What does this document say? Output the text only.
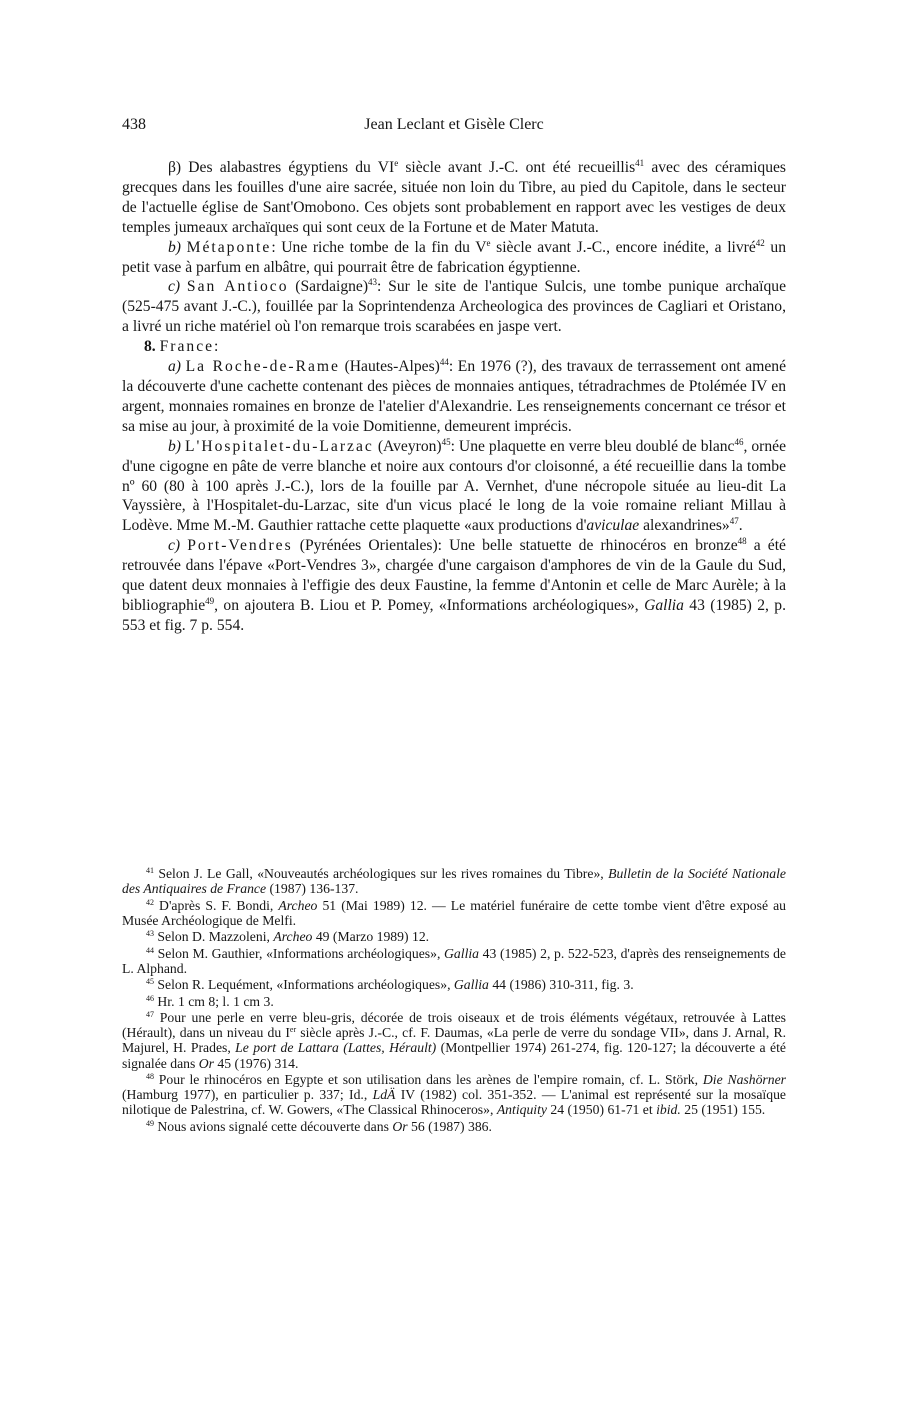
438	Jean Leclant et Gisèle Clerc

β) Des alabastres égyptiens du VIe siècle avant J.-C. ont été recueillis$^{41}$ avec des céramiques grecques dans les fouilles d'une aire sacrée, située non loin du Tibre, au pied du Capitole, dans le secteur de l'actuelle église de Sant'Omobono. Ces objets sont probablement en rapport avec les vestiges de deux temples jumeaux archaïques qui sont ceux de la Fortune et de Mater Matuta.

b) Métaponte: Une riche tombe de la fin du Ve siècle avant J.-C., encore inédite, a livré$^{42}$ un petit vase à parfum en albâtre, qui pourrait être de fabrication égyptienne.

c) San Antioco (Sardaigne)$^{43}$: Sur le site de l'antique Sulcis, une tombe punique archaïque (525-475 avant J.-C.), fouillée par la Soprintendenza Archeologica des provinces de Cagliari et Oristano, a livré un riche matériel où l'on remarque trois scarabées en jaspe vert.

8. France:

a) La Roche-de-Rame (Hautes-Alpes)$^{44}$: En 1976 (?), des travaux de terrassement ont amené la découverte d'une cachette contenant des pièces de monnaies antiques, tétradrachmes de Ptolémée IV en argent, monnaies romaines en bronze de l'atelier d'Alexandrie. Les renseignements concernant ce trésor et sa mise au jour, à proximité de la voie Domitienne, demeurent imprécis.

b) L'Hospitalet-du-Larzac (Aveyron)$^{45}$: Une plaquette en verre bleu doublé de blanc$^{46}$, ornée d'une cigogne en pâte de verre blanche et noire aux contours d'or cloisonné, a été recueillie dans la tombe nº 60 (80 à 100 après J.-C.), lors de la fouille par A. Vernhet, d'une nécropole située au lieu-dit La Vayssière, à l'Hospitalet-du-Larzac, site d'un vicus placé le long de la voie romaine reliant Millau à Lodève. Mme M.-M. Gauthier rattache cette plaquette «aux productions d'aviculae alexandrines»$^{47}$.

c) Port-Vendres (Pyrénées Orientales): Une belle statuette de rhinocéros en bronze$^{48}$ a été retrouvée dans l'épave «Port-Vendres 3», chargée d'une cargaison d'amphores de vin de la Gaule du Sud, que datent deux monnaies à l'effigie des deux Faustine, la femme d'Antonin et celle de Marc Aurèle; à la bibliographie$^{49}$, on ajoutera B. Liou et P. Pomey, «Informations archéologiques», Gallia 43 (1985) 2, p. 553 et fig. 7 p. 554.

$^{41}$ Selon J. Le Gall, «Nouveautés archéologiques sur les rives romaines du Tibre», Bulletin de la Société Nationale des Antiquaires de France (1987) 136-137.

$^{42}$ D'après S. F. Bondi, Archeo 51 (Mai 1989) 12. — Le matériel funéraire de cette tombe vient d'être exposé au Musée Archéologique de Melfi.

$^{43}$ Selon D. Mazzoleni, Archeo 49 (Marzo 1989) 12.

$^{44}$ Selon M. Gauthier, «Informations archéologiques», Gallia 43 (1985) 2, p. 522-523, d'après des renseignements de L. Alphand.

$^{45}$ Selon R. Lequément, «Informations archéologiques», Gallia 44 (1986) 310-311, fig. 3.

$^{46}$ Hr. 1 cm 8; l. 1 cm 3.

$^{47}$ Pour une perle en verre bleu-gris, décorée de trois oiseaux et de trois éléments végétaux, retrouvée à Lattes (Hérault), dans un niveau du Ier siècle après J.-C., cf. F. Daumas, «La perle de verre du sondage VII», dans J. Arnal, R. Majurel, H. Prades, Le port de Lattara (Lattes, Hérault) (Montpellier 1974) 261-274, fig. 120-127; la découverte a été signalée dans Or 45 (1976) 314.

$^{48}$ Pour le rhinocéros en Egypte et son utilisation dans les arènes de l'empire romain, cf. L. Störk, Die Nashörner (Hamburg 1977), en particulier p. 337; Id., LdÄ IV (1982) col. 351-352. — L'animal est représenté sur la mosaïque nilotique de Palestrina, cf. W. Gowers, «The Classical Rhinoceros», Antiquity 24 (1950) 61-71 et ibid. 25 (1951) 155.

$^{49}$ Nous avions signalé cette découverte dans Or 56 (1987) 386.
